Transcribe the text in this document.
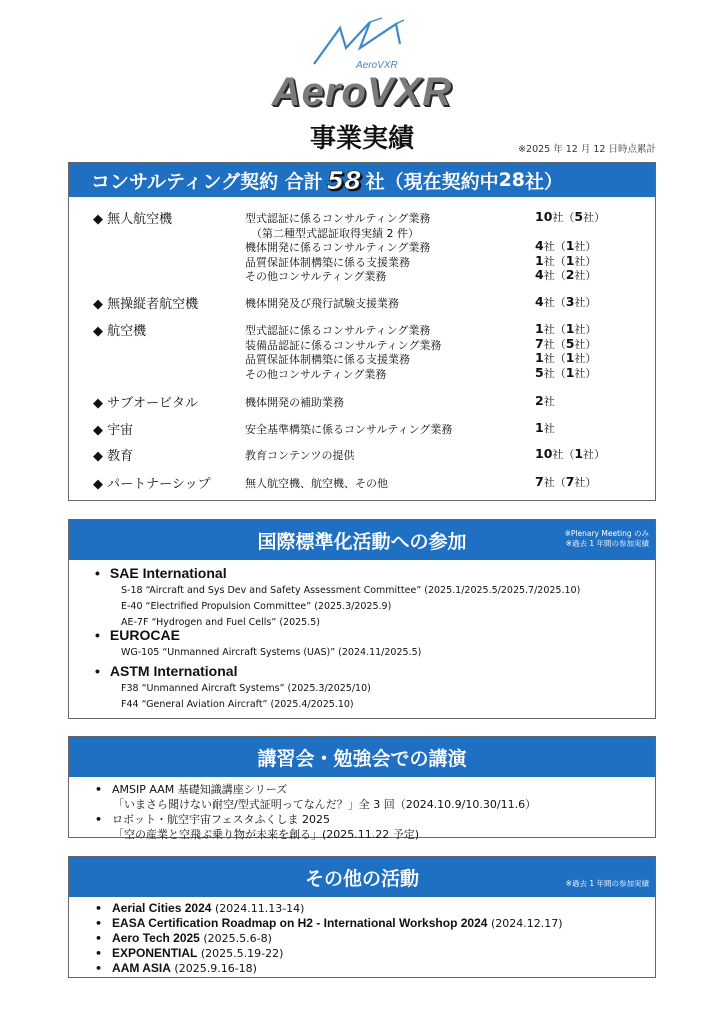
AeroVXR
AeroVXR
事業実績	※2025 年 12 月 12 日時点累計
コンサルティング契約 合計 58 社（現在契約中 28 社）
◆ 無人航空機	型式認証に係るコンサルティング業務	10社（5社）
（第二種型式認証取得実績 2 件）
機体開発に係るコンサルティング業務	4社（1社）
品質保証体制構築に係る支援業務	1社（1社）
その他コンサルティング業務	4社（2社）
◆ 無操縦者航空機	機体開発及び飛行試験支援業務	4社（3社）
◆ 航空機	型式認証に係るコンサルティング業務	1社（1社）
装備品認証に係るコンサルティング業務	7社（5社）
品質保証体制構築に係る支援業務	1社（1社）
その他コンサルティング業務	5社（1社）
◆ サブオービタル	機体開発の補助業務	2社
◆ 宇宙	安全基準構築に係るコンサルティング業務	1社
◆ 教育	教育コンテンツの提供	10社（1社）
◆ パートナーシップ	無人航空機、航空機、その他	7社（7社）
国際標準化活動への参加	※Plenary Meeting のみ
※過去 1 年間の参加実績
• SAE International
S-18 “Aircraft and Sys Dev and Safety Assessment Committee” (2025.1/2025.5/2025.7/2025.10)
E-40 “Electrified Propulsion Committee” (2025.3/2025.9)
AE-7F “Hydrogen and Fuel Cells” (2025.5)
• EUROCAE
WG-105 “Unmanned Aircraft Systems (UAS)” (2024.11/2025.5)
• ASTM International
F38 “Unmanned Aircraft Systems” (2025.3/2025/10)
F44 “General Aviation Aircraft” (2025.4/2025.10)
講習会・勉強会での講演
• AMSIP AAM 基礎知識講座シリーズ
「いまさら聞けない耐空/型式証明ってなんだ？」全 3 回（2024.10.9/10.30/11.6）
• ロボット・航空宇宙フェスタふくしま 2025
「空の産業と空飛ぶ乗り物が未来を創る」(2025.11.22 予定)
その他の活動	※過去 1 年間の参加実績
• Aerial Cities 2024 (2024.11.13-14)
• EASA Certification Roadmap on H2 - International Workshop 2024 (2024.12.17)
• Aero Tech 2025 (2025.5.6-8)
• EXPONENTIAL (2025.5.19-22)
• AAM ASIA (2025.9.16-18)
